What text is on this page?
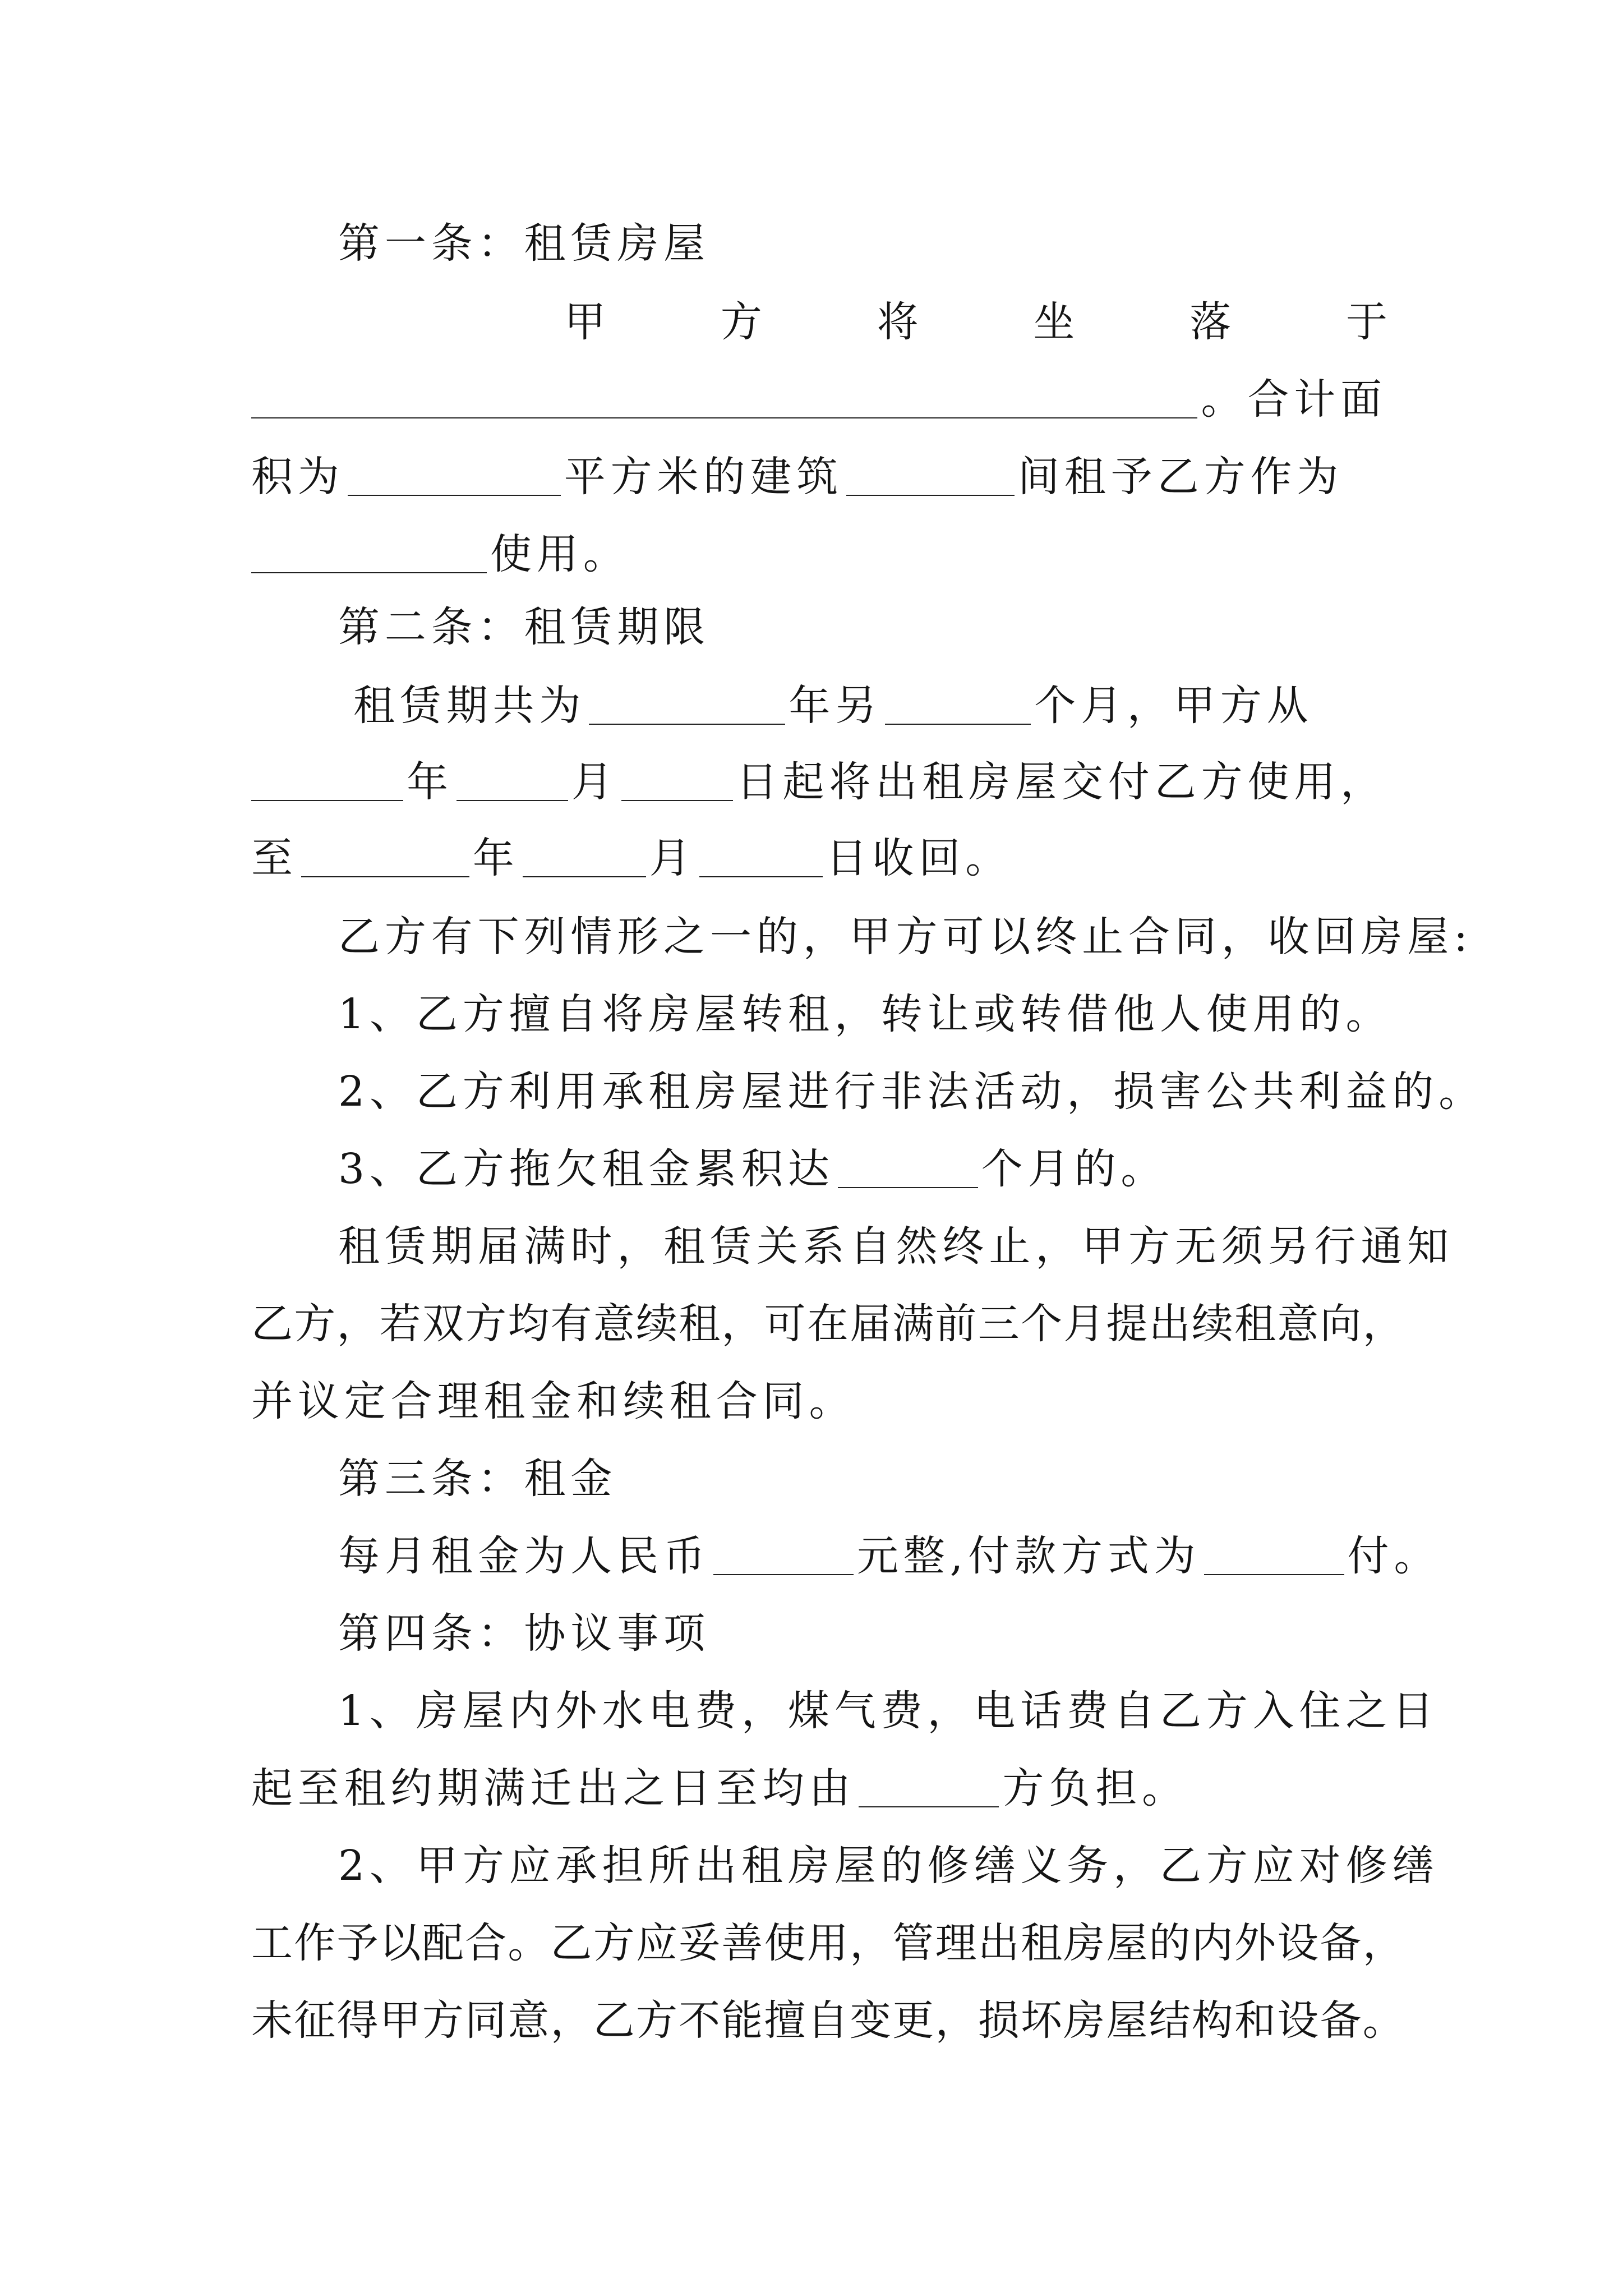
第一条：租赁房屋
甲	方	将	坐	落	于
。合计面
积为	平方米的建筑	间租予乙方作为
使用。
第二条：租赁期限
租赁期共为	年另	个月，甲方从
年	月	日起将出租房屋交付乙方使用，
至	年	月	日收回。
乙方有下列情形之一的，甲方可以终止合同，收回房屋:
1、乙方擅自将房屋转租，转让或转借他人使用的。
2、乙方利用承租房屋进行非法活动，损害公共利益的。
3、乙方拖欠租金累积达	个月的。
租赁期届满时，租赁关系自然终止，甲方无须另行通知
乙方，若双方均有意续租，可在届满前三个月提出续租意向，
并议定合理租金和续租合同。
第三条：租金
每月租金为人民币	元整,付款方式为	付。
第四条：协议事项
1、房屋内外水电费，煤气费，电话费自乙方入住之日
起至租约期满迁出之日至均由	方负担。
2、甲方应承担所出租房屋的修缮义务，乙方应对修缮
工作予以配合。乙方应妥善使用，管理出租房屋的内外设备，
未征得甲方同意，乙方不能擅自变更，损坏房屋结构和设备。
